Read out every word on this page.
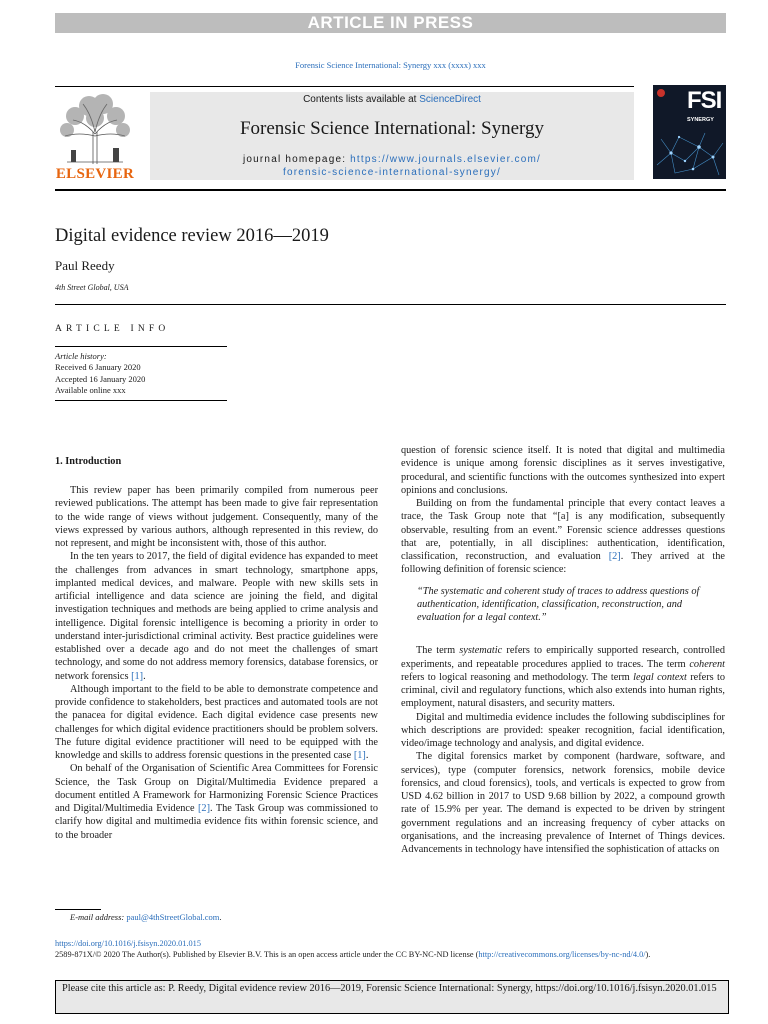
ARTICLE IN PRESS
Forensic Science International: Synergy xxx (xxxx) xxx
ELSEVIER
Contents lists available at ScienceDirect
Forensic Science International: Synergy
journal homepage: https://www.journals.elsevier.com/
forensic-science-international-synergy/
FSI
SYNERGY
Digital evidence review 2016—2019
Paul Reedy
4th Street Global, USA
ARTICLE INFO
Article history:
Received 6 January 2020
Accepted 16 January 2020
Available online xxx
1. Introduction

This review paper has been primarily compiled from numerous peer reviewed publications. The attempt has been made to give fair representation to the wide range of views without judgement. Consequently, many of the views expressed by various authors, although represented in this review, do not represent, and might be inconsistent with, those of this author.

In the ten years to 2017, the field of digital evidence has expanded to meet the challenges from advances in smart technology, smartphone apps, implanted medical devices, and malware. People with new skills sets in artificial intelligence and data science are joining the field, and digital investigation techniques and methods are being applied to crime analysis and intelligence. Digital forensic intelligence is becoming a priority in order to understand inter-jurisdictional criminal activity. Best practice guidelines were established over a decade ago and do not meet the challenges of smart technology, and some do not address memory forensics, database forensics, or network forensics [1].

Although important to the field to be able to demonstrate competence and provide confidence to stakeholders, best practices and automated tools are not the panacea for digital evidence. Each digital evidence case presents new challenges for which digital evidence practitioners should be problem solvers. The future digital evidence practitioner will need to be equipped with the knowledge and skills to address forensic questions in the presented case [1].

On behalf of the Organisation of Scientific Area Committees for Forensic Science, the Task Group on Digital/Multimedia Evidence prepared a document entitled A Framework for Harmonizing Forensic Science Practices and Digital/Multimedia Evidence [2]. The Task Group was commissioned to clarify how digital and multimedia evidence fits within forensic science, and to the broader

question of forensic science itself. It is noted that digital and multimedia evidence is unique among forensic disciplines as it serves investigative, procedural, and scientific functions with the outcomes synthesized into expert opinions and conclusions.

Building on from the fundamental principle that every contact leaves a trace, the Task Group note that “[a] is any modification, subsequently observable, resulting from an event.” Forensic science addresses questions that are, potentially, in all disciplines: authentication, identification, classification, reconstruction, and evaluation [2]. They arrived at the following definition of forensic science:

“The systematic and coherent study of traces to address questions of authentication, identification, classification, reconstruction, and evaluation for a legal context.”

The term systematic refers to empirically supported research, controlled experiments, and repeatable procedures applied to traces. The term coherent refers to logical reasoning and methodology. The term legal context refers to criminal, civil and regulatory functions, which also extends into human rights, employment, natural disasters, and security matters.

Digital and multimedia evidence includes the following subdisciplines for which descriptions are provided: speaker recognition, facial identification, video/image technology and analysis, and digital evidence.

The digital forensics market by component (hardware, software, and services), type (computer forensics, network forensics, mobile device forensics, and cloud forensics), tools, and verticals is expected to grow from USD 4.62 billion in 2017 to USD 9.68 billion by 2022, a compound growth rate of 15.9% per year. The demand is expected to be driven by stringent government regulations and an increasing frequency of cyber attacks on organisations, and the increasing prevalence of Internet of Things devices. Advancements in technology have intensified the sophistication of attacks on

E-mail address: paul@4thStreetGlobal.com.
https://doi.org/10.1016/j.fsisyn.2020.01.015
2589-871X/© 2020 The Author(s). Published by Elsevier B.V. This is an open access article under the CC BY-NC-ND license (http://creativecommons.org/licenses/by-nc-nd/4.0/).
Please cite this article as: P. Reedy, Digital evidence review 2016—2019, Forensic Science International: Synergy, https://doi.org/10.1016/j.fsisyn.2020.01.015
